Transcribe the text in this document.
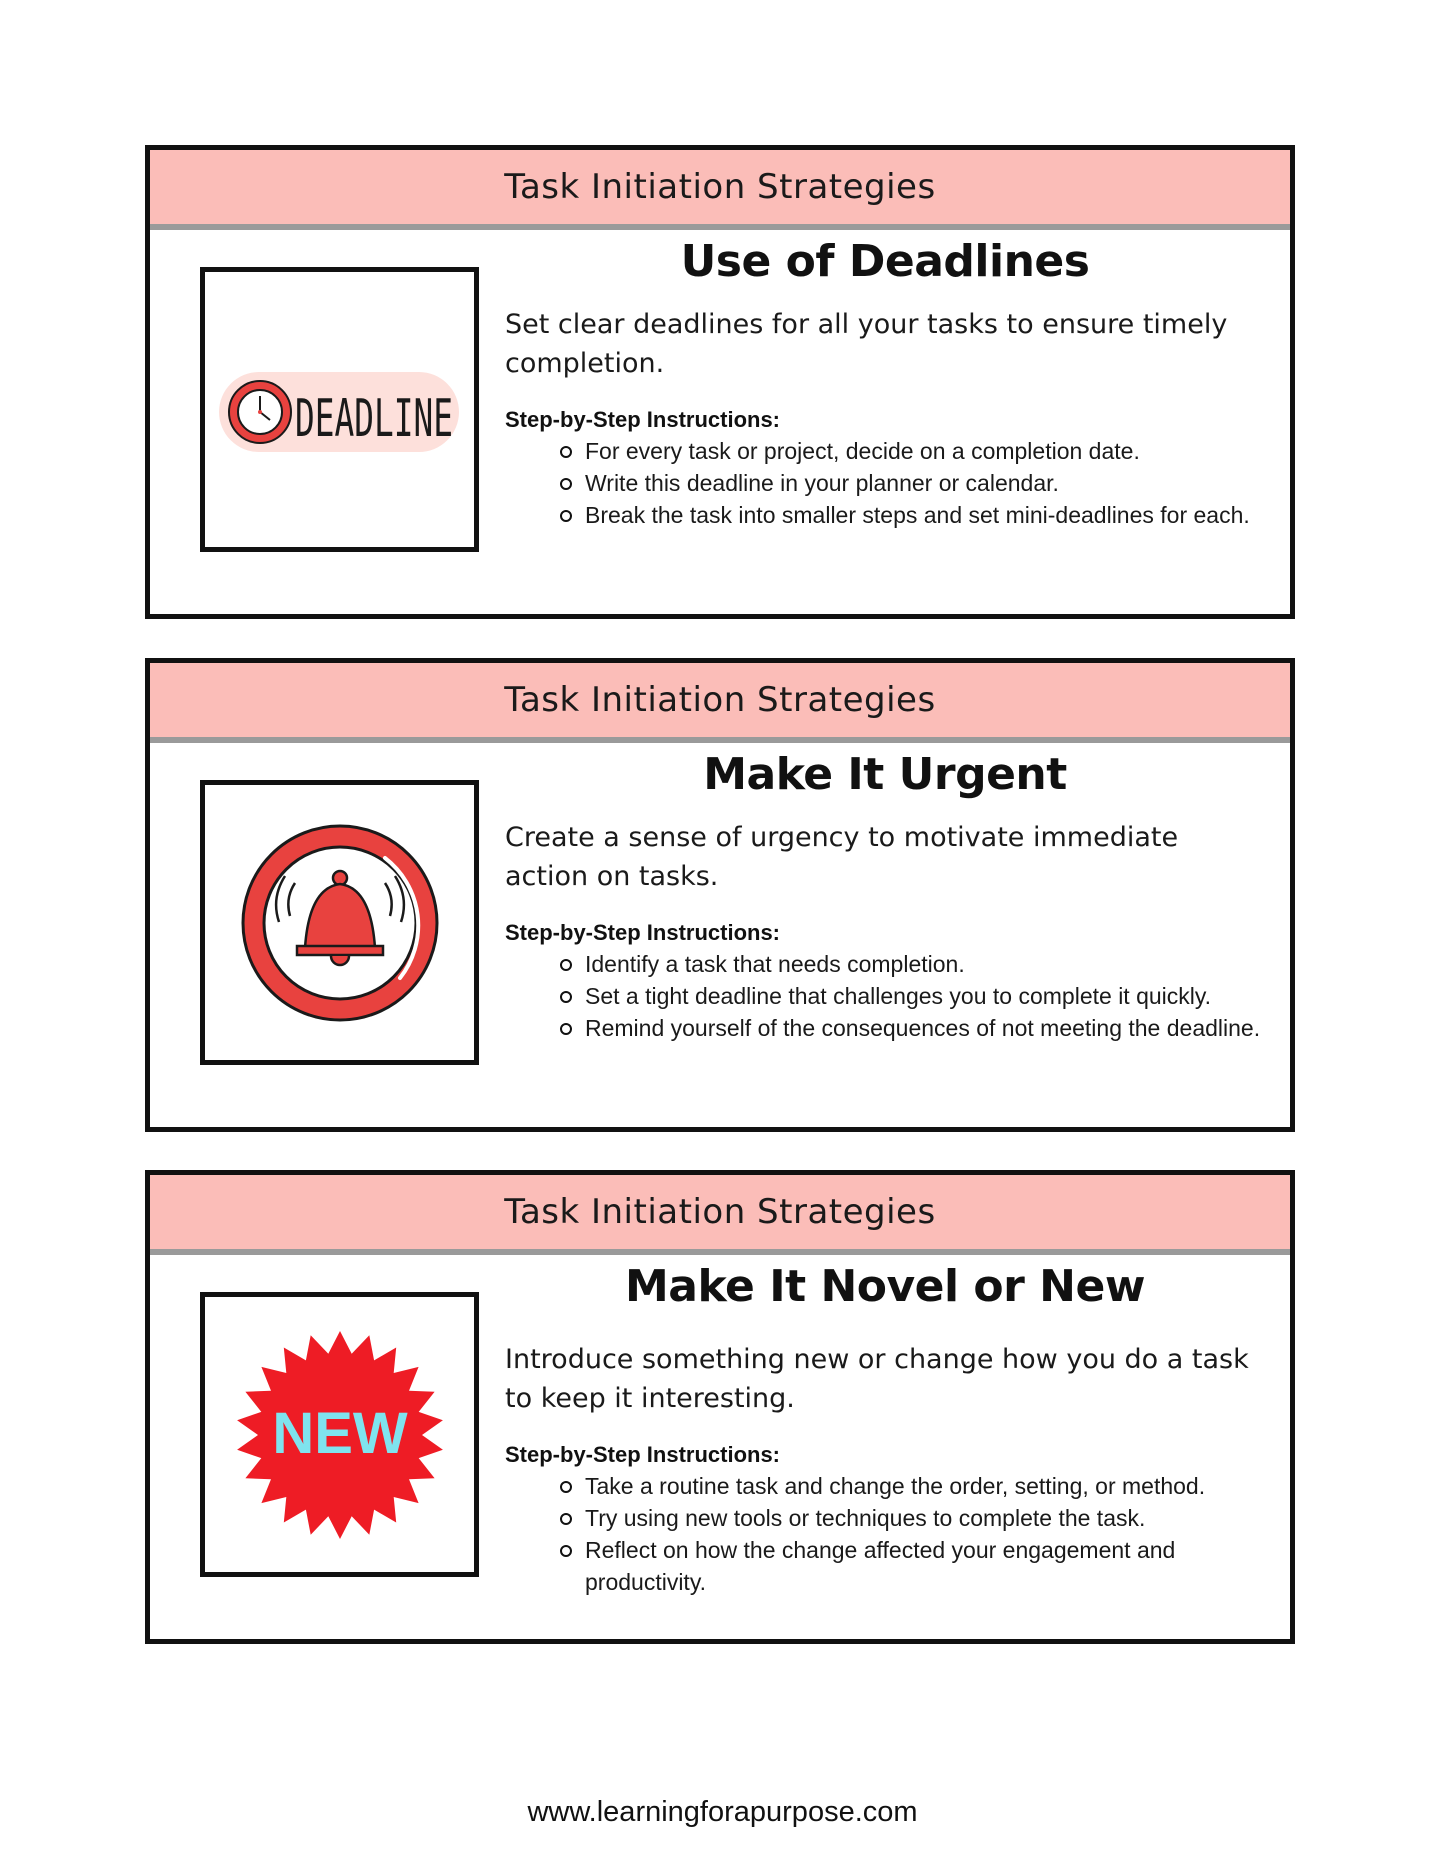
Task Initiation Strategies
DEADLINE
Use of Deadlines

Set clear deadlines for all your tasks to ensure timely completion.

Step-by-Step Instructions:
For every task or project, decide on a completion date.
Write this deadline in your planner or calendar.
Break the task into smaller steps and set mini-deadlines for each.
Task Initiation Strategies
Make It Urgent

Create a sense of urgency to motivate immediate action on tasks.

Step-by-Step Instructions:
Identify a task that needs completion.
Set a tight deadline that challenges you to complete it quickly.
Remind yourself of the consequences of not meeting the deadline.
Task Initiation Strategies
NEW
Make It Novel or New

Introduce something new or change how you do a task to keep it interesting.

Step-by-Step Instructions:
Take a routine task and change the order, setting, or method.
Try using new tools or techniques to complete the task.
Reflect on how the change affected your engagement and productivity.
www.learningforapurpose.com
